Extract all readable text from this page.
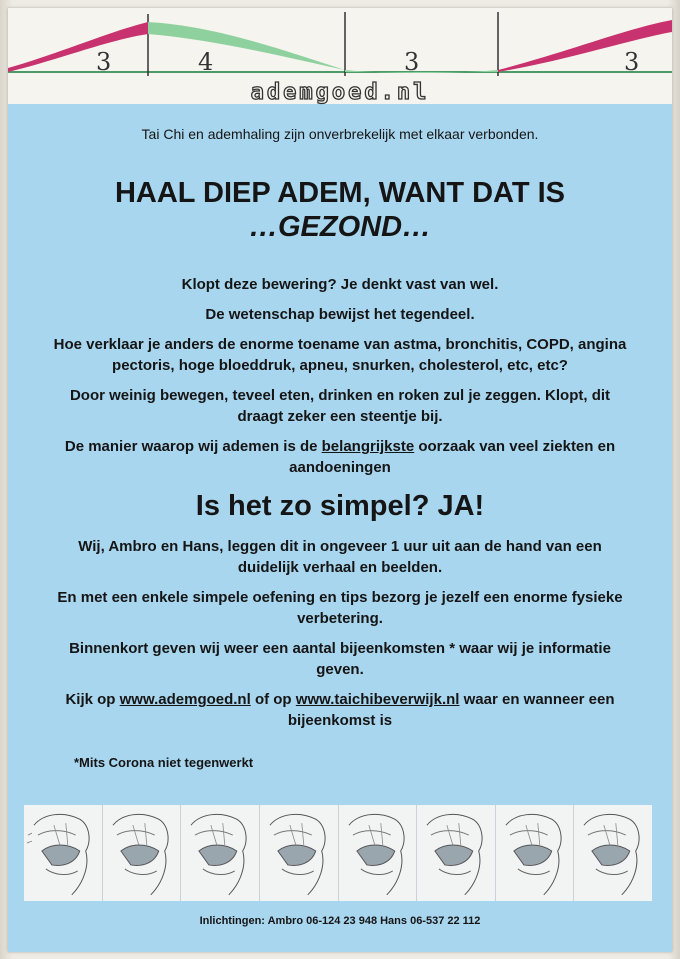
3	4	3	3
ademgoed.nl
Tai Chi en ademhaling zijn onverbrekelijk met elkaar verbonden.
HAAL DIEP ADEM, WANT DAT IS
…GEZOND…
Klopt deze bewering? Je denkt vast van wel.
De wetenschap bewijst het tegendeel.
Hoe verklaar je anders de enorme toename van astma, bronchitis, COPD, angina pectoris, hoge bloeddruk, apneu, snurken, cholesterol, etc, etc?
Door weinig bewegen, teveel eten, drinken en roken zul je zeggen. Klopt, dit draagt zeker een steentje bij.
De manier waarop wij ademen is de belangrijkste oorzaak van veel ziekten en aandoeningen
Is het zo simpel? JA!
Wij, Ambro en Hans, leggen dit in ongeveer 1 uur uit aan de hand van een duidelijk verhaal en beelden.
En met een enkele simpele oefening en tips bezorg je jezelf een enorme fysieke verbetering.
Binnenkort geven wij weer een aantal bijeenkomsten * waar wij je informatie geven.
Kijk op www.ademgoed.nl of op www.taichibeverwijk.nl waar en wanneer een bijeenkomst is
*Mits Corona niet tegenwerkt
Inlichtingen: Ambro 06-124 23 948 Hans 06-537 22 112
